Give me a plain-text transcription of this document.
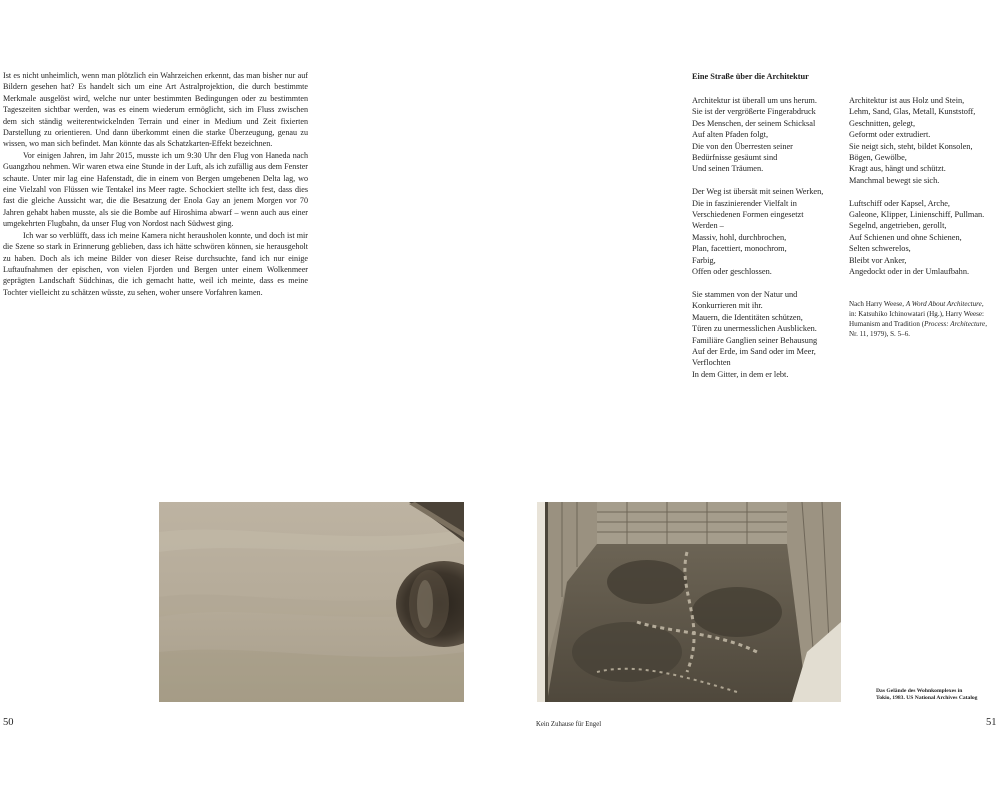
Ist es nicht unheimlich, wenn man plötzlich ein Wahrzeichen erkennt, das man bisher nur auf Bildern gesehen hat? Es handelt sich um eine Art Astralprojektion, die durch bestimmte Merkmale ausgelöst wird, welche nur unter bestimmten Bedingungen oder zu bestimmten Tageszeiten sichtbar werden, was es einem wiederum ermöglicht, sich im Fluss zwischen dem sich ständig weiterentwickelnden Terrain und einer in Medium und Zeit fixierten Darstellung zu orientieren. Und dann überkommt einen die starke Überzeugung, genau zu wissen, wo man sich befindet. Man könnte das als Schatzkarten-Effekt bezeichnen.

Vor einigen Jahren, im Jahr 2015, musste ich um 9:30 Uhr den Flug von Haneda nach Guangzhou nehmen. Wir waren etwa eine Stunde in der Luft, als ich zufällig aus dem Fenster schaute. Unter mir lag eine Hafenstadt, die in einem von Bergen umgebenen Delta lag, wo eine Vielzahl von Flüssen wie Tentakel ins Meer ragte. Schockiert stellte ich fest, dass dies fast die gleiche Aussicht war, die die Besatzung der Enola Gay an jenem Morgen vor 70 Jahren gehabt haben musste, als sie die Bombe auf Hiroshima abwarf – wenn auch aus einer umgekehrten Flugbahn, da unser Flug von Nordost nach Südwest ging.

Ich war so verblüfft, dass ich meine Kamera nicht herausholen konnte, und doch ist mir die Szene so stark in Erinnerung geblieben, dass ich hätte schwören können, sie herausgeholt zu haben. Doch als ich meine Bilder von dieser Reise durchsuchte, fand ich nur einige Luftaufnahmen der epischen, von vielen Fjorden und Bergen unter einem Wolkenmeer geprägten Landschaft Südchinas, die ich gemacht hatte, weil ich meinte, dass es meine Tochter vielleicht zu schätzen wüsste, zu sehen, woher unsere Vorfahren kamen.

50
Eine Straße über die Architektur

Architektur ist überall um uns herum.
Sie ist der vergrößerte Fingerabdruck
Des Menschen, der seinem Schicksal
Auf alten Pfaden folgt,
Die von den Überresten seiner
Bedürfnisse gesäumt sind
Und seinen Träumen.

Der Weg ist übersät mit seinen Werken,
Die in faszinierender Vielfalt in
Verschiedenen Formen eingesetzt
Werden –
Massiv, hohl, durchbrochen,
Plan, facettiert, monochrom,
Farbig,
Offen oder geschlossen.

Sie stammen von der Natur und
Konkurrieren mit ihr.
Mauern, die Identitäten schützen,
Türen zu unermesslichen Ausblicken.
Familiäre Ganglien seiner Behausung
Auf der Erde, im Sand oder im Meer,
Verflochten
In dem Gitter, in dem er lebt.

Architektur ist aus Holz und Stein,
Lehm, Sand, Glas, Metall, Kunststoff,
Geschnitten, gelegt,
Geformt oder extrudiert.
Sie neigt sich, steht, bildet Konsolen,
Bögen, Gewölbe,
Kragt aus, hängt und schützt.
Manchmal bewegt sie sich.

Luftschiff oder Kapsel, Arche,
Galeone, Klipper, Linienschiff, Pullman.
Segelnd, angetrieben, gerollt,
Auf Schienen und ohne Schienen,
Selten schwerelos,
Bleibt vor Anker,
Angedockt oder in der Umlaufbahn.

Nach Harry Weese, A Word About Architecture,

in: Katsuhiko Ichinowatari (Hg.), Harry Weese:

Humanism and Tradition (Process: Architecture,

Nr. 11, 1979), S. 5–6.

Das Gelände des Wohnkomplexes in
Tokio, 1983. US National Archives Catalog
Kein Zuhause für Engel	51
